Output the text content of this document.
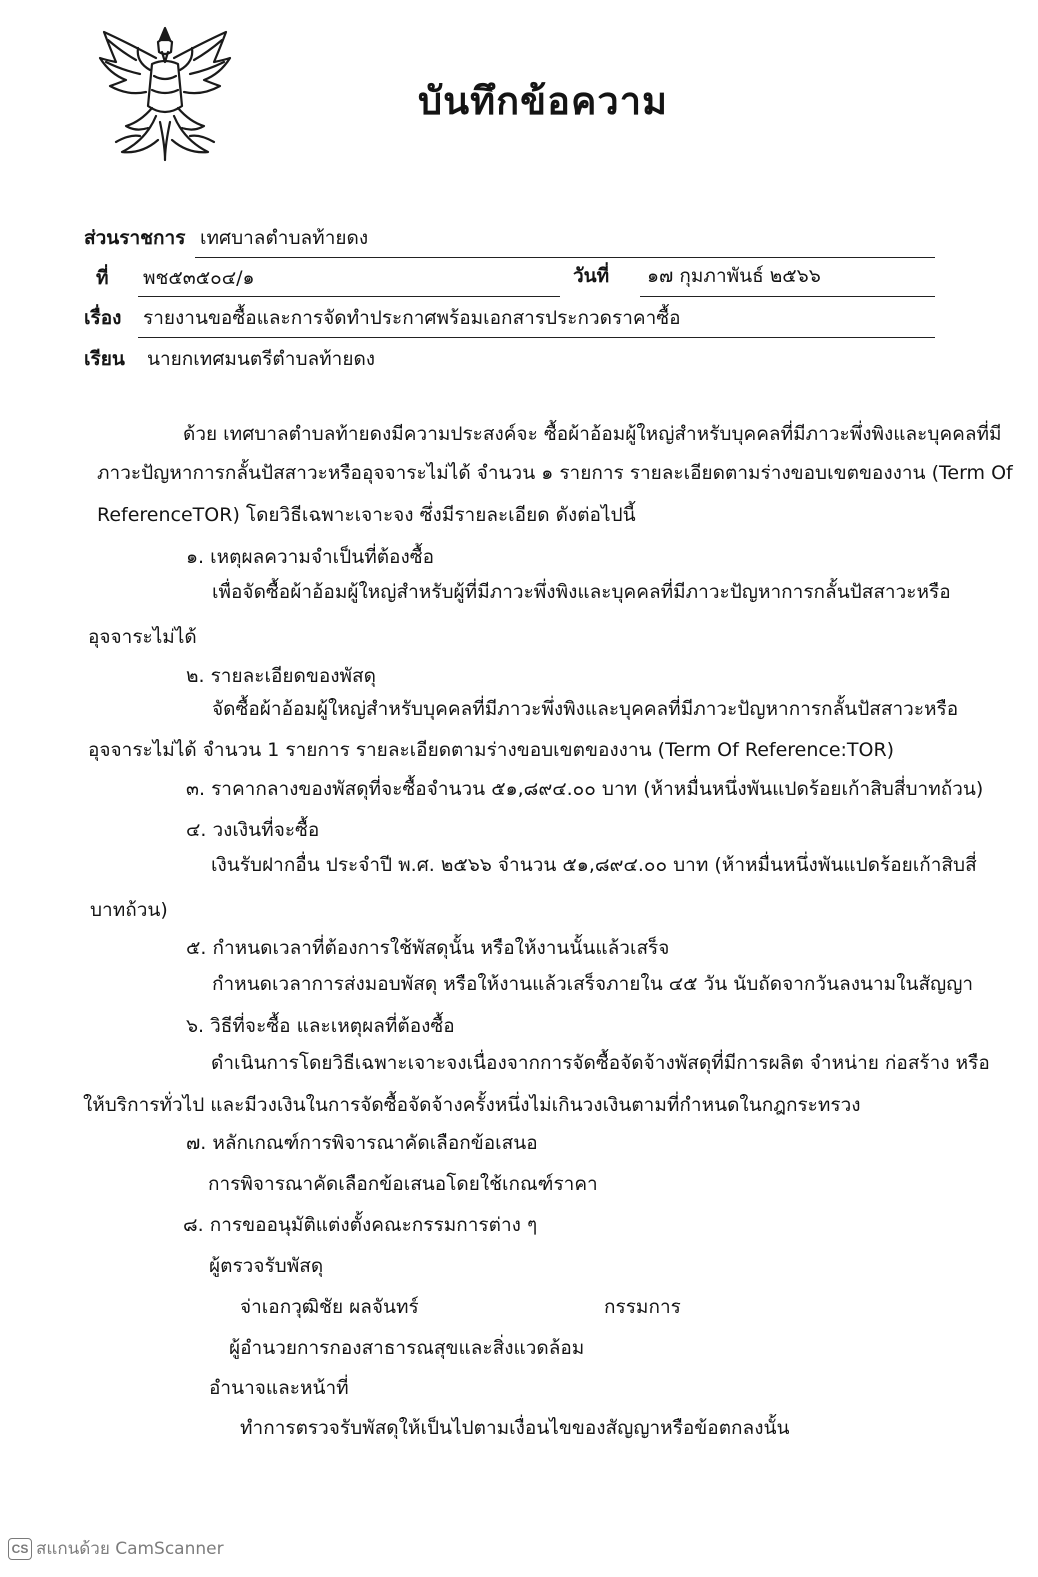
บันทึกข้อความ
ส่วนราชการ เทศบาลตำบลท้ายดง
ที่ พช๕๓๕๐๔/๑	วันที่ ๑๗ กุมภาพันธ์ ๒๕๖๖
เรื่อง รายงานขอซื้อและการจัดทำประกาศพร้อมเอกสารประกวดราคาซื้อ
เรียน นายกเทศมนตรีตำบลท้ายดง
ด้วย เทศบาลตำบลท้ายดงมีความประสงค์จะ ซื้อผ้าอ้อมผู้ใหญ่สำหรับบุคคลที่มีภาวะพึ่งพิงและบุคคลที่มี
ภาวะปัญหาการกลั้นปัสสาวะหรืออุจจาระไม่ได้ จำนวน ๑ รายการ รายละเอียดตามร่างขอบเขตของงาน (Term Of
ReferenceTOR) โดยวิธีเฉพาะเจาะจง ซึ่งมีรายละเอียด ดังต่อไปนี้
๑. เหตุผลความจำเป็นที่ต้องซื้อ
เพื่อจัดซื้อผ้าอ้อมผู้ใหญ่สำหรับผู้ที่มีภาวะพึ่งพิงและบุคคลที่มีภาวะปัญหาการกลั้นปัสสาวะหรือ
อุจจาระไม่ได้
๒. รายละเอียดของพัสดุ
จัดซื้อผ้าอ้อมผู้ใหญ่สำหรับบุคคลที่มีภาวะพึ่งพิงและบุคคลที่มีภาวะปัญหาการกลั้นปัสสาวะหรือ
อุจจาระไม่ได้ จำนวน 1 รายการ รายละเอียดตามร่างขอบเขตของงาน (Term Of Reference:TOR)
๓. ราคากลางของพัสดุที่จะซื้อจำนวน ๕๑,๘๙๔.๐๐ บาท (ห้าหมื่นหนึ่งพันแปดร้อยเก้าสิบสี่บาทถ้วน)
๔. วงเงินที่จะซื้อ
เงินรับฝากอื่น ประจำปี พ.ศ. ๒๕๖๖ จำนวน ๕๑,๘๙๔.๐๐ บาท (ห้าหมื่นหนึ่งพันแปดร้อยเก้าสิบสี่
บาทถ้วน)
๕. กำหนดเวลาที่ต้องการใช้พัสดุนั้น หรือให้งานนั้นแล้วเสร็จ
กำหนดเวลาการส่งมอบพัสดุ หรือให้งานแล้วเสร็จภายใน ๔๕ วัน นับถัดจากวันลงนามในสัญญา
๖. วิธีที่จะซื้อ และเหตุผลที่ต้องซื้อ
ดำเนินการโดยวิธีเฉพาะเจาะจงเนื่องจากการจัดซื้อจัดจ้างพัสดุที่มีการผลิต จำหน่าย ก่อสร้าง หรือ
ให้บริการทั่วไป และมีวงเงินในการจัดซื้อจัดจ้างครั้งหนึ่งไม่เกินวงเงินตามที่กำหนดในกฎกระทรวง
๗. หลักเกณฑ์การพิจารณาคัดเลือกข้อเสนอ
การพิจารณาคัดเลือกข้อเสนอโดยใช้เกณฑ์ราคา
๘. การขออนุมัติแต่งตั้งคณะกรรมการต่าง ๆ
ผู้ตรวจรับพัสดุ
จ่าเอกวุฒิชัย ผลจันทร์	กรรมการ
ผู้อำนวยการกองสาธารณสุขและสิ่งแวดล้อม
อำนาจและหน้าที่
ทำการตรวจรับพัสดุให้เป็นไปตามเงื่อนไขของสัญญาหรือข้อตกลงนั้น
CS สแกนด้วย CamScanner
